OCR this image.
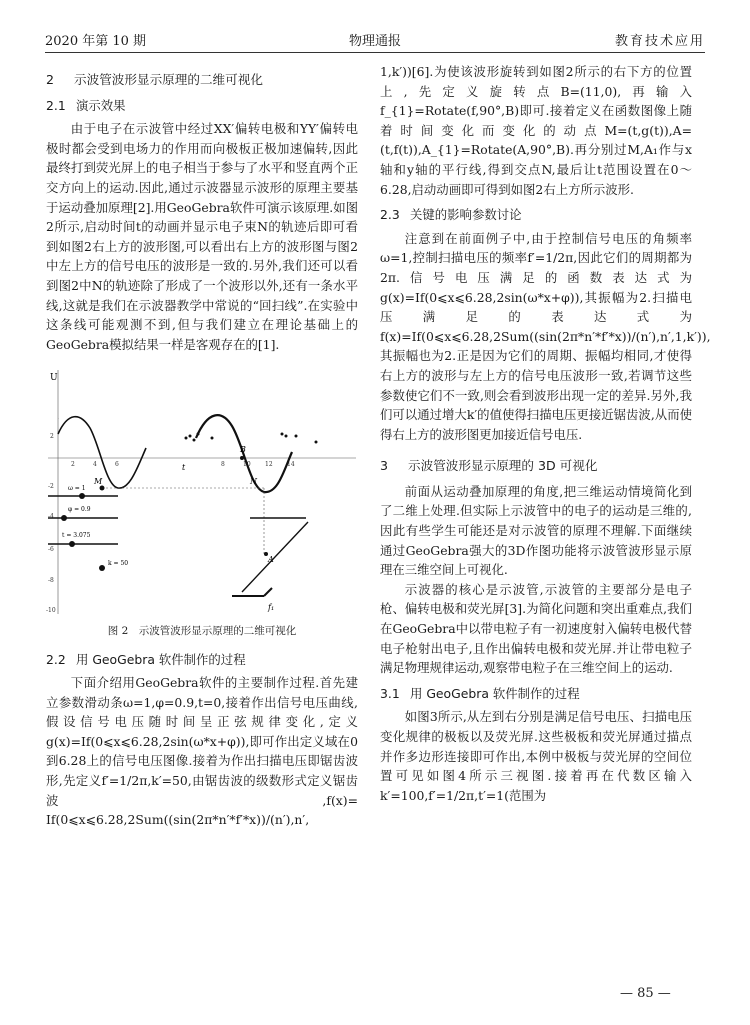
2020 年第 10 期	物理通报	教育技术应用
2 示波管波形显示原理的二维可视化
2.1 演示效果

由于电子在示波管中经过XX′偏转电极和YY′偏转电极时都会受到电场力的作用而向极板正极加速偏转,因此最终打到荧光屏上的电子相当于参与了水平和竖直两个正交方向上的运动.因此,通过示波器显示波形的原理主要基于运动叠加原理[2].用GeoGebra软件可演示该原理.如图2所示,启动时间t的动画并显示电子束N的轨迹后即可看到如图2右上方的波形图,可以看出右上方的波形图与图2中左上方的信号电压的波形是一致的.另外,我们还可以看到图2中N的轨迹除了形成了一个波形以外,还有一条水平线,这就是我们在示波器教学中常说的“回扫线”.在实验中这条线可能观测不到,但与我们建立在理论基础上的GeoGebra模拟结果一样是客观存在的[1].

U
t
2	4	6	8	10 12 14
2
-2
-4
-6
-8
-10
M
B
N
ω = 1
φ = 0.9
t = 3.075
k = 50	A
f₁
图 2　示波管波形显示原理的二维可视化
2.2 用 GeoGebra 软件制作的过程

下面介绍用GeoGebra软件的主要制作过程.首先建立参数滑动条ω=1,φ=0.9,t=0,接着作出信号电压曲线,假设信号电压随时间呈正弦规律变化,定义g(x)=If(0⩽x⩽6.28,2sin(ω*x+φ)),即可作出定义域在0到6.28上的信号电压图像.接着为作出扫描电压即锯齿波形,先定义f′=1/2π,k′=50,由锯齿波的级数形式定义锯齿波,f(x)= If(0⩽x⩽6.28,2Sum((sin(2π*n′*f′*x))/(n′),n′,

1,k′))[6].为使该波形旋转到如图2所示的右下方的位置上,先定义旋转点B=(11,0),再输入f_{1}=Rotate(f,90°,B)即可.接着定义在函数图像上随着时间变化而变化的动点M=(t,g(t)),A=(t,f(t)),A_{1}=Rotate(A,90°,B).再分别过M,A₁作与x轴和y轴的平行线,得到交点N,最后让t范围设置在0～6.28,启动动画即可得到如图2右上方所示波形.

2.3 关键的影响参数讨论

注意到在前面例子中,由于控制信号电压的角频率ω=1,控制扫描电压的频率f′=1/2π,因此它们的周期都为2π.信号电压满足的函数表达式为g(x)=If(0⩽x⩽6.28,2sin(ω*x+φ)),其振幅为2.扫描电压满足的表达式为f(x)=If(0⩽x⩽6.28,2Sum((sin(2π*n′*f′*x))/(n′),n′,1,k′)),其振幅也为2.正是因为它们的周期、振幅均相同,才使得右上方的波形与左上方的信号电压波形一致,若调节这些参数使它们不一致,则会看到波形出现一定的差异.另外,我们可以通过增大k′的值使得扫描电压更接近锯齿波,从而使得右上方的波形图更加接近信号电压.

3 示波管波形显示原理的 3D 可视化

前面从运动叠加原理的角度,把三维运动情境简化到了二维上处理.但实际上示波管中的电子的运动是三维的,因此有些学生可能还是对示波管的原理不理解.下面继续通过GeoGebra强大的3D作图功能将示波管波形显示原理在三维空间上可视化.

示波器的核心是示波管,示波管的主要部分是电子枪、偏转电极和荧光屏[3].为简化问题和突出重难点,我们在GeoGebra中以带电粒子有一初速度射入偏转电极代替电子枪射出电子,且作出偏转电极和荧光屏.并让带电粒子满足物理规律运动,观察带电粒子在三维空间上的运动.

3.1 用 GeoGebra 软件制作的过程

如图3所示,从左到右分别是满足信号电压、扫描电压变化规律的极板以及荧光屏.这些极板和荧光屏通过描点并作多边形连接即可作出,本例中极板与荧光屏的空间位置可见如图4所示三视图.接着再在代数区输入k′=100,f′=1/2π,t′=1(范围为

— 85 —
